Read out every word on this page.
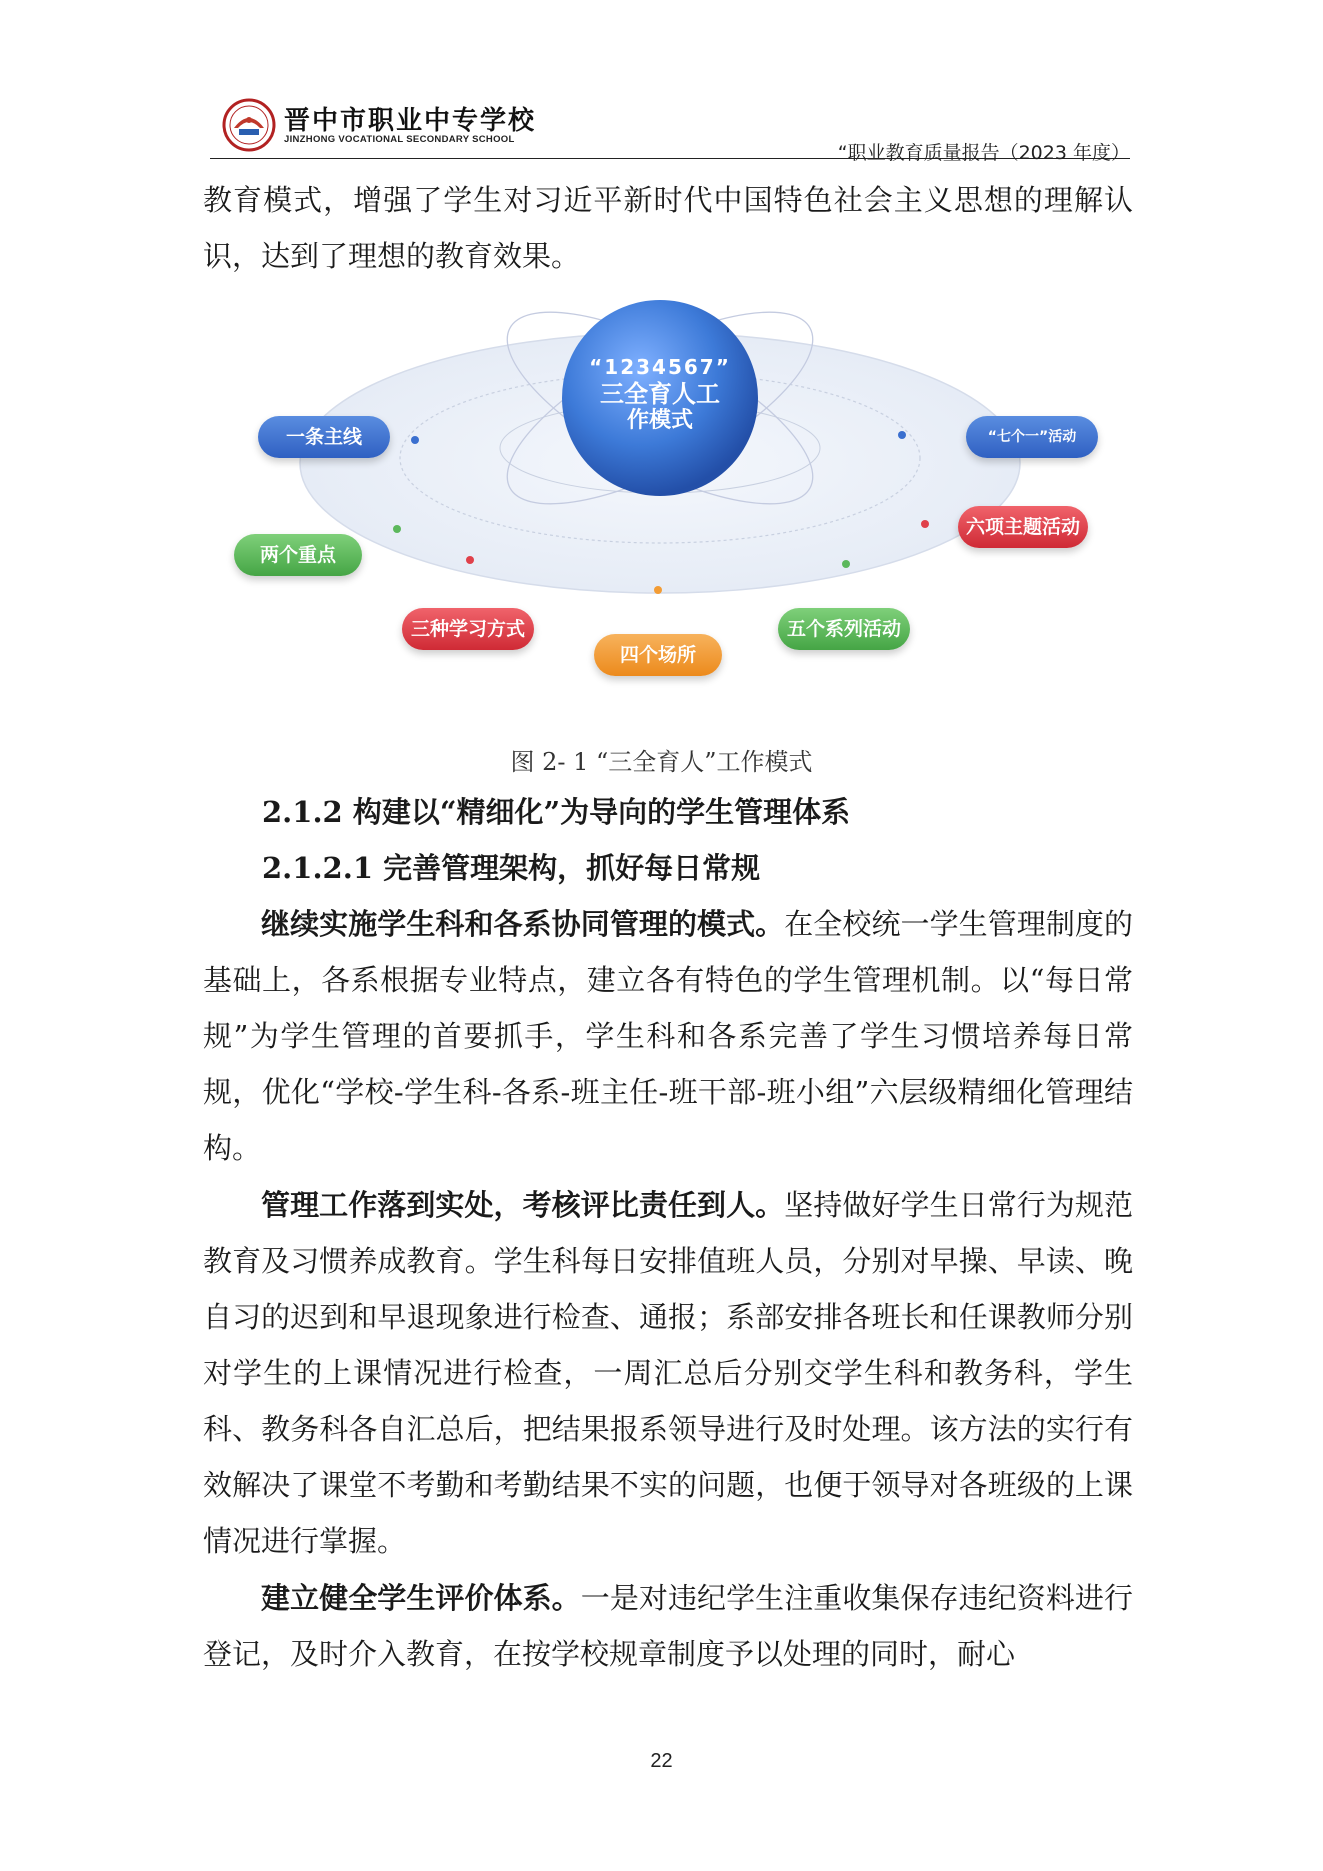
晋中市职业中专学校
JINZHONG VOCATIONAL SECONDARY SCHOOL
“职业教育质量报告（2023 年度）

教育模式，增强了学生对习近平新时代中国特色社会主义思想的理解认识，达到了理想的教育效果。

“1234567”
三全育人工
作模式
一条主线	“七个一”活动
两个重点
六项主题活动
三种学习方式
四个场所
五个系列活动
图 2- 1 “三全育人”工作模式
2.1.2 构建以“精细化”为导向的学生管理体系
2.1.2.1 完善管理架构，抓好每日常规

继续实施学生科和各系协同管理的模式。在全校统一学生管理制度的基础上，各系根据专业特点，建立各有特色的学生管理机制。以“每日常规”为学生管理的首要抓手，学生科和各系完善了学生习惯培养每日常规，优化“学校-学生科-各系-班主任-班干部-班小组”六层级精细化管理结构。

管理工作落到实处，考核评比责任到人。坚持做好学生日常行为规范教育及习惯养成教育。学生科每日安排值班人员，分别对早操、早读、晚自习的迟到和早退现象进行检查、通报；系部安排各班长和任课教师分别对学生的上课情况进行检查，一周汇总后分别交学生科和教务科，学生科、教务科各自汇总后，把结果报系领导进行及时处理。该方法的实行有效解决了课堂不考勤和考勤结果不实的问题，也便于领导对各班级的上课情况进行掌握。

建立健全学生评价体系。一是对违纪学生注重收集保存违纪资料进行登记，及时介入教育，在按学校规章制度予以处理的同时，耐心

22
